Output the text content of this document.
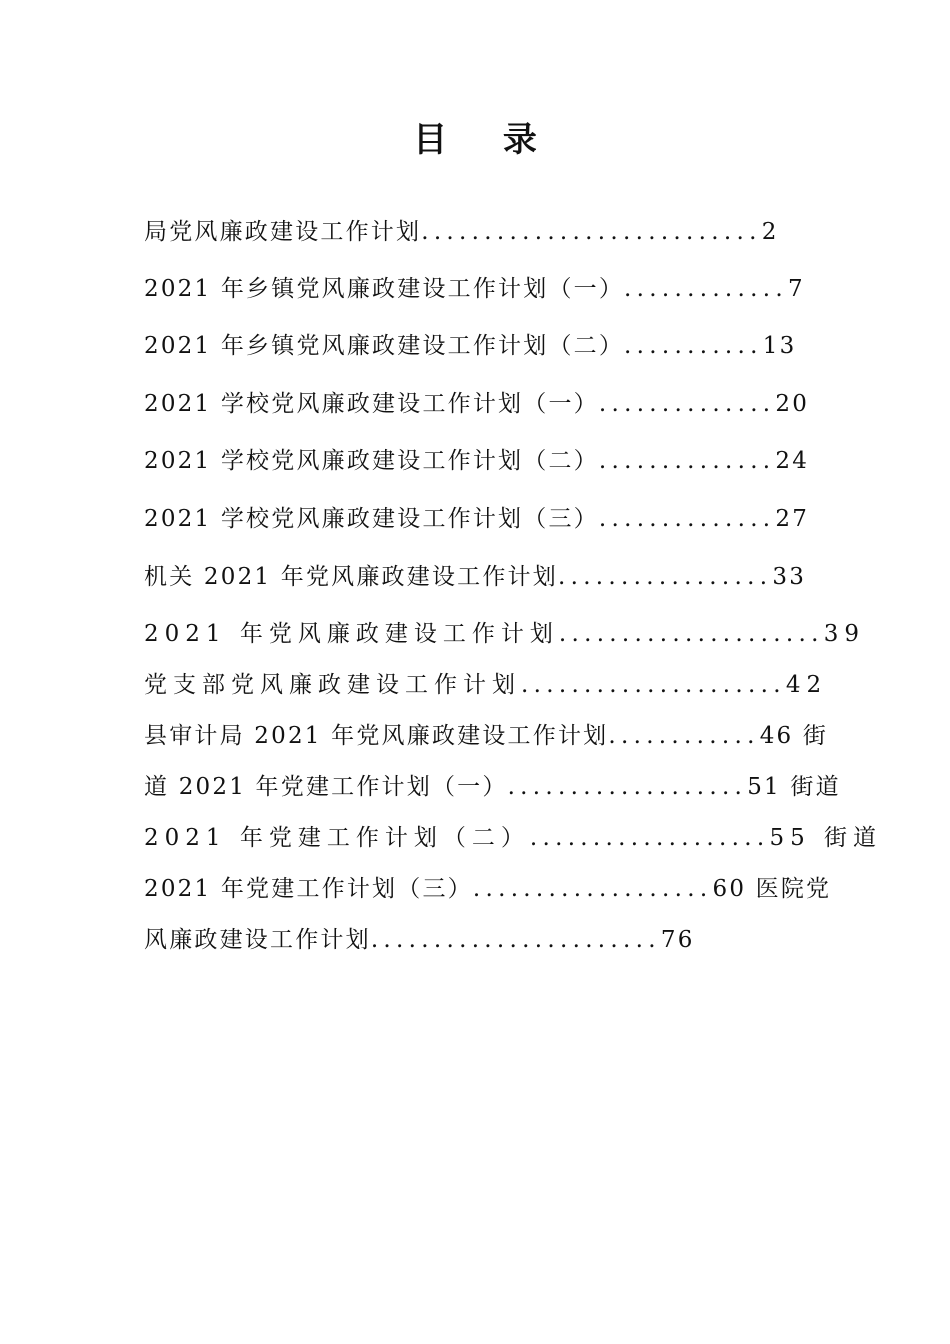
目 录
局党风廉政建设工作计划...........................2
2021 年乡镇党风廉政建设工作计划（一）.............7
2021 年乡镇党风廉政建设工作计划（二）...........13
2021 学校党风廉政建设工作计划（一）..............20
2021 学校党风廉政建设工作计划（二）..............24
2021 学校党风廉政建设工作计划（三）..............27
机关 2021 年党风廉政建设工作计划.................33
2021 年党风廉政建设工作计划.....................39
党支部党风廉政建设工作计划.....................42
县审计局 2021 年党风廉政建设工作计划............46 街
道 2021 年党建工作计划（一）...................51 街道
2021 年党建工作计划（二）...................55 街道
2021 年党建工作计划（三）...................60 医院党
风廉政建设工作计划.......................76
